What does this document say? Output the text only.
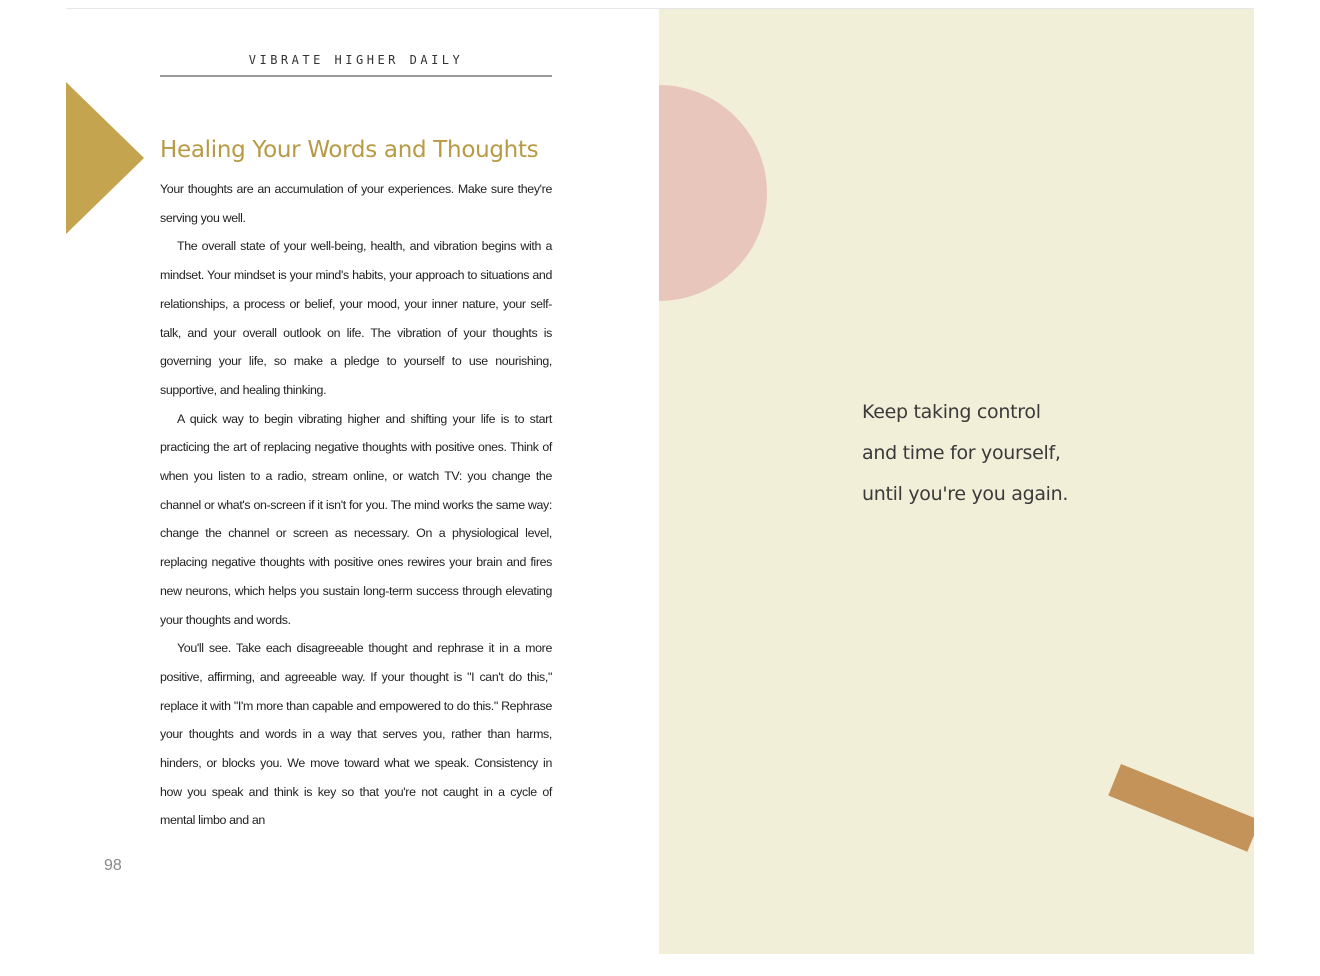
VIBRATE HIGHER DAILY
Healing Your Words and Thoughts

Your thoughts are an accumulation of your experiences. Make sure they're serving you well.

The overall state of your well-being, health, and vibration begins with a mindset. Your mindset is your mind's habits, your approach to situations and relationships, a process or belief, your mood, your inner nature, your self-talk, and your overall outlook on life. The vibration of your thoughts is governing your life, so make a pledge to yourself to use nourishing, supportive, and healing thinking.

A quick way to begin vibrating higher and shifting your life is to start practicing the art of replacing negative thoughts with positive ones. Think of when you listen to a radio, stream online, or watch TV: you change the channel or what's on-screen if it isn't for you. The mind works the same way: change the channel or screen as necessary. On a physiological level, replacing negative thoughts with positive ones rewires your brain and fires new neurons, which helps you sustain long-term success through elevating your thoughts and words.

You'll see. Take each disagreeable thought and rephrase it in a more positive, affirming, and agreeable way. If your thought is "I can't do this," replace it with "I'm more than capable and empowered to do this." Rephrase your thoughts and words in a way that serves you, rather than harms, hinders, or blocks you. We move toward what we speak. Consistency in how you speak and think is key so that you're not caught in a cycle of mental limbo and an

98
Keep taking control
and time for yourself,
until you're you again.
